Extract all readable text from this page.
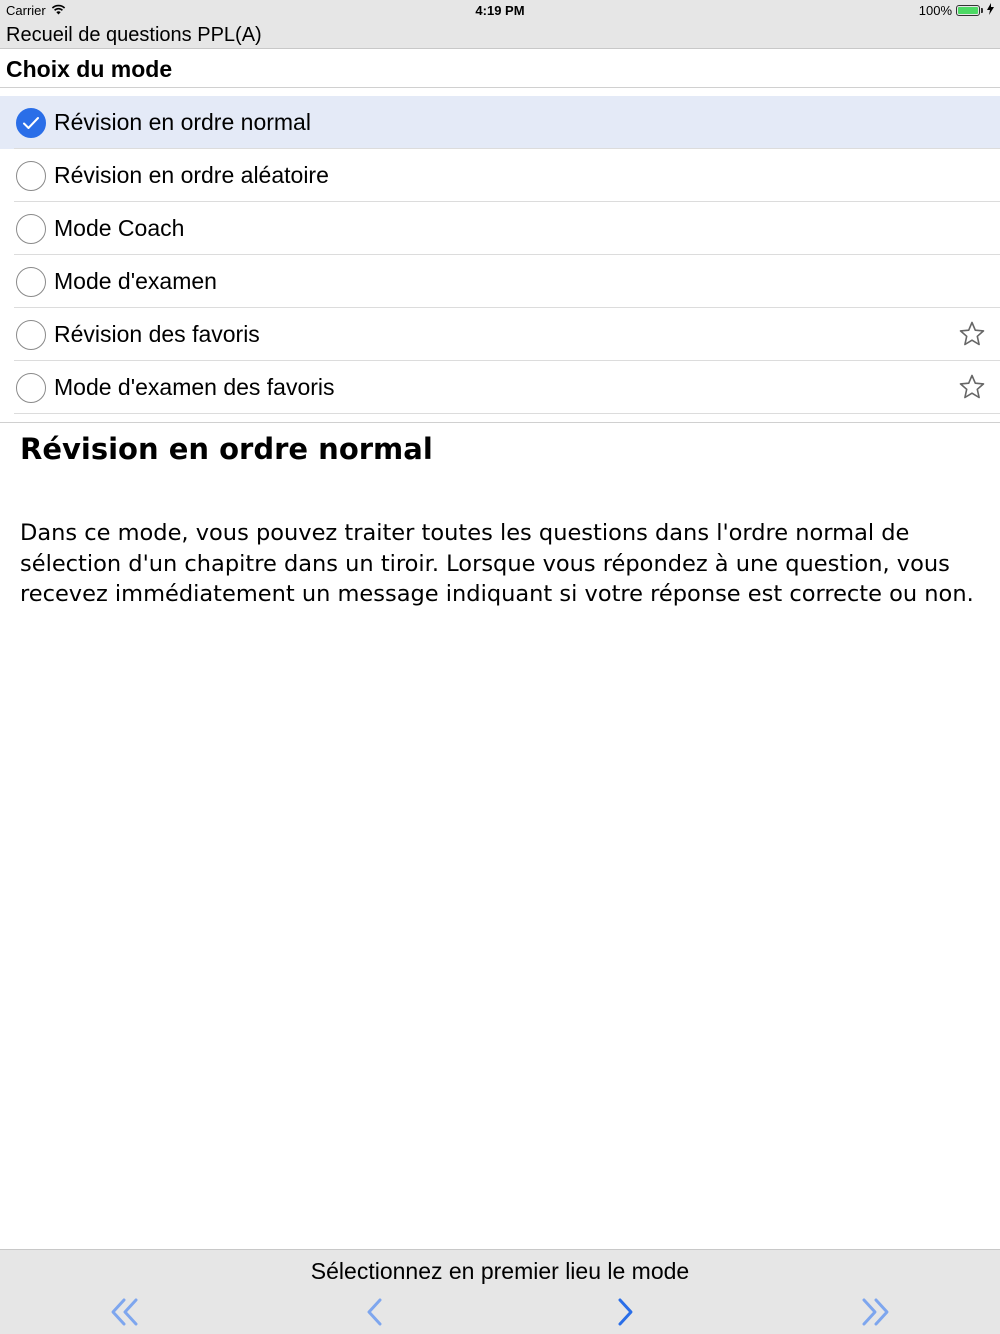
Carrier	4:19 PM	100%
Recueil de questions PPL(A)
Choix du mode
Révision en ordre normal
Révision en ordre aléatoire
Mode Coach
Mode d'examen
Révision des favoris
Mode d'examen des favoris
Révision en ordre normal
Dans ce mode, vous pouvez traiter toutes les questions dans l'ordre normal de sélection d'un chapitre dans un tiroir. Lorsque vous répondez à une question, vous recevez immédiatement un message indiquant si votre réponse est correcte ou non.
Sélectionnez en premier lieu le mode
